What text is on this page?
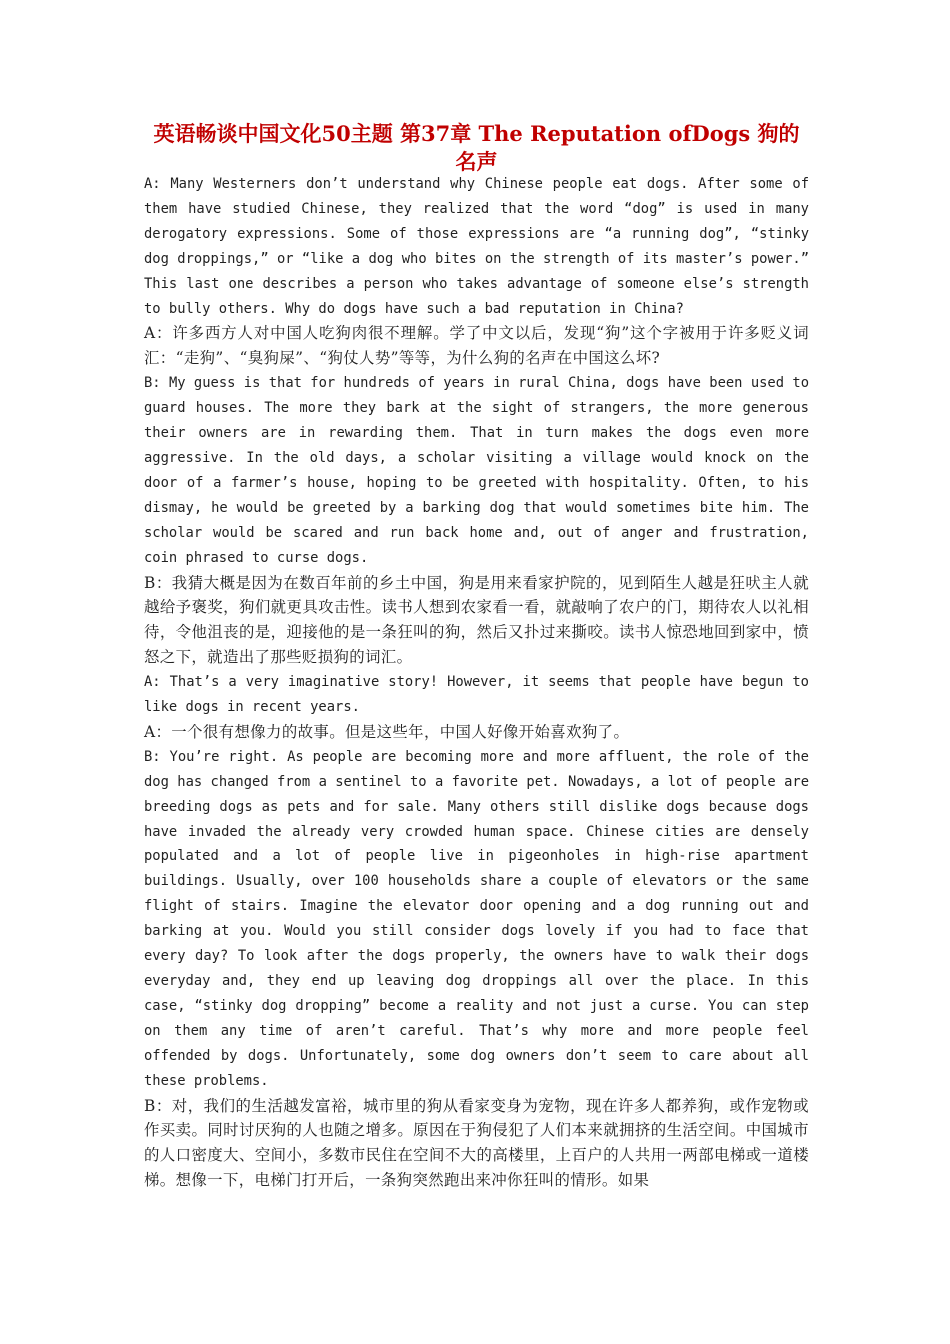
英语畅谈中国文化50主题 第37章 The Reputation ofDogs 狗的名声

A: Many Westerners don’t understand why Chinese people eat dogs. After some of them have studied Chinese, they realized that the word “dog” is used in many derogatory expressions. Some of those expressions are “a running dog”, “stinky dog droppings,” or “like a dog who bites on the strength of its master’s power.” This last one describes a person who takes advantage of someone else’s strength to bully others. Why do dogs have such a bad reputation in China?

A：许多西方人对中国人吃狗肉很不理解。学了中文以后，发现“狗”这个字被用于许多贬义词汇：“走狗”、“臭狗屎”、“狗仗人势”等等，为什么狗的名声在中国这么坏?

B: My guess is that for hundreds of years in rural China, dogs have been used to guard houses. The more they bark at the sight of strangers, the more generous their owners are in rewarding them. That in turn makes the dogs even more aggressive. In the old days, a scholar visiting a village would knock on the door of a farmer’s house, hoping to be greeted with hospitality. Often, to his dismay, he would be greeted by a barking dog that would sometimes bite him. The scholar would be scared and run back home and, out of anger and frustration, coin phrased to curse dogs.

B：我猜大概是因为在数百年前的乡土中国，狗是用来看家护院的，见到陌生人越是狂吠主人就越给予褒奖，狗们就更具攻击性。读书人想到农家看一看，就敲响了农户的门，期待农人以礼相待，令他沮丧的是，迎接他的是一条狂叫的狗，然后又扑过来撕咬。读书人惊恐地回到家中，愤怒之下，就造出了那些贬损狗的词汇。

A: That’s a very imaginative story! However, it seems that people have begun to like dogs in recent years.

A：一个很有想像力的故事。但是这些年，中国人好像开始喜欢狗了。

B: You’re right. As people are becoming more and more affluent, the role of the dog has changed from a sentinel to a favorite pet. Nowadays, a lot of people are breeding dogs as pets and for sale. Many others still dislike dogs because dogs have invaded the already very crowded human space. Chinese cities are densely populated and a lot of people live in pigeonholes in high-rise apartment buildings. Usually, over 100 households share a couple of elevators or the same flight of stairs. Imagine the elevator door opening and a dog running out and barking at you. Would you still consider dogs lovely if you had to face that every day? To look after the dogs properly, the owners have to walk their dogs everyday and, they end up leaving dog droppings all over the place. In this case, “stinky dog dropping” become a reality and not just a curse. You can step on them any time of aren’t careful. That’s why more and more people feel offended by dogs. Unfortunately, some dog owners don’t seem to care about all these problems.

B：对，我们的生活越发富裕，城市里的狗从看家变身为宠物，现在许多人都养狗，或作宠物或作买卖。同时讨厌狗的人也随之增多。原因在于狗侵犯了人们本来就拥挤的生活空间。中国城市的人口密度大、空间小，多数市民住在空间不大的高楼里，上百户的人共用一两部电梯或一道楼梯。想像一下，电梯门打开后，一条狗突然跑出来冲你狂叫的情形。如果
